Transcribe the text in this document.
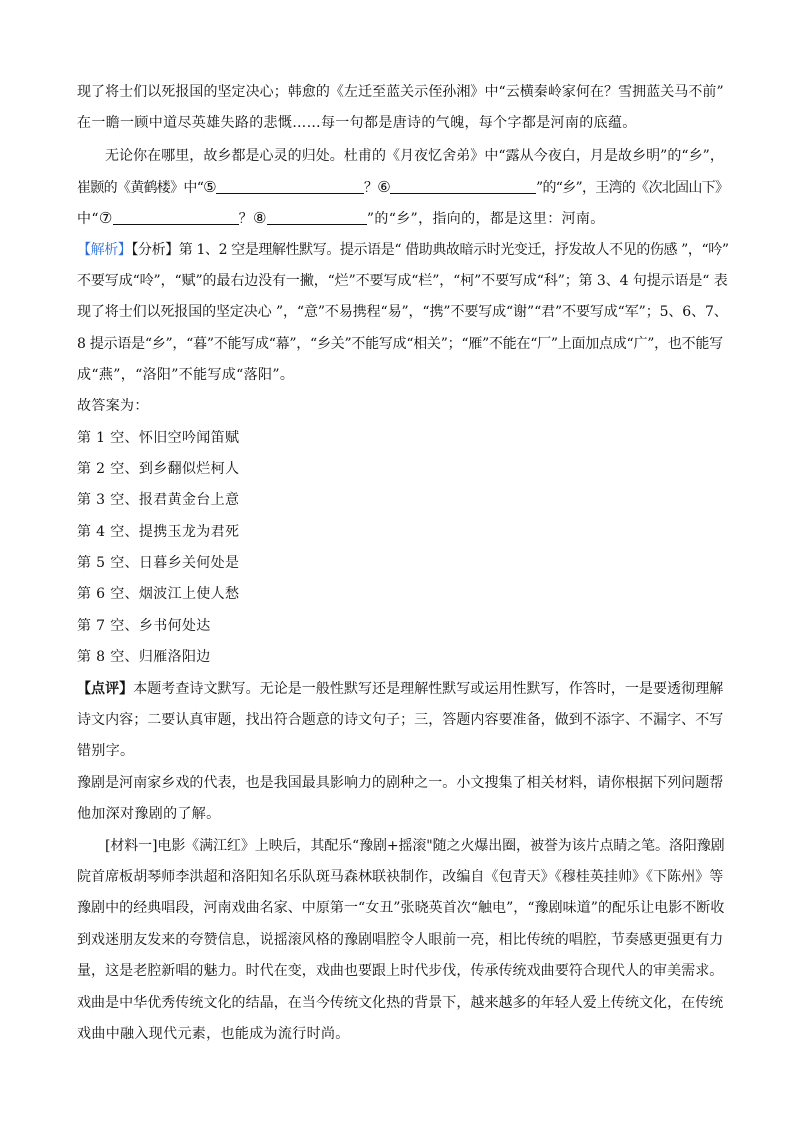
现了将士们以死报国的坚定决心；韩愈的《左迁至蓝关示侄孙湘》中“云横秦岭家何在？雪拥蓝关马不前”
在一瞻一顾中道尽英雄失路的悲慨……每一句都是唐诗的气魄，每个字都是河南的底蕴。
无论你在哪里，故乡都是心灵的归处。杜甫的《月夜忆舍弟》中“露从今夜白，月是故乡明”的“乡”，
崔颢的《黄鹤楼》中“⑤	？⑥	”的“乡”，王湾的《次北固山下》
中“⑦	？⑧	”的“乡”，指向的，都是这里：河南。
【解析】【分析】第 1、2 空是理解性默写。提示语是“ 借助典故暗示时光变迁，抒发故人不见的伤感 ”，“吟”
不要写成“呤”，“赋”的最右边没有一撇，“烂”不要写成“栏”，“柯”不要写成“科”；第 3、4 句提示语是“ 表
现了将士们以死报国的坚定决心 ”，“意”不易携程“易”，“携”不要写成“谢”“君”不要写成“军”；5、6、7、
8 提示语是“乡”，“暮”不能写成“幕”，“乡关”不能写成“相关”；“雁”不能在“厂”上面加点成“广”，也不能写
成“燕”，“洛阳”不能写成“落阳”。
故答案为：
第 1 空、怀旧空吟闻笛赋
第 2 空、到乡翻似烂柯人
第 3 空、报君黄金台上意
第 4 空、提携玉龙为君死
第 5 空、日暮乡关何处是
第 6 空、烟波江上使人愁
第 7 空、乡书何处达
第 8 空、归雁洛阳边
【点评】本题考查诗文默写。无论是一般性默写还是理解性默写或运用性默写，作答时，一是要透彻理解
诗文内容；二要认真审题，找出符合题意的诗文句子；三，答题内容要准备，做到不添字、不漏字、不写
错别字。
豫剧是河南家乡戏的代表，也是我国最具影响力的剧种之一。小文搜集了相关材料，请你根据下列问题帮
他加深对豫剧的了解。
[材料一]电影《满江红》上映后，其配乐“豫剧+摇滚"随之火爆出圈，被誉为该片点睛之笔。洛阳豫剧
院首席板胡琴师李洪超和洛阳知名乐队斑马森林联袂制作，改编自《包青天》《穆桂英挂帅》《下陈州》等
豫剧中的经典唱段，河南戏曲名家、中原第一“女丑”张晓英首次“触电”，“豫剧味道”的配乐让电影不断收
到戏迷朋友发来的夸赞信息，说摇滚风格的豫剧唱腔令人眼前一亮，相比传统的唱腔，节奏感更强更有力
量，这是老腔新唱的魅力。时代在变，戏曲也要跟上时代步伐，传承传统戏曲要符合现代人的审美需求。
戏曲是中华优秀传统文化的结晶，在当今传统文化热的背景下，越来越多的年轻人爱上传统文化，在传统
戏曲中融入现代元素，也能成为流行时尚。
